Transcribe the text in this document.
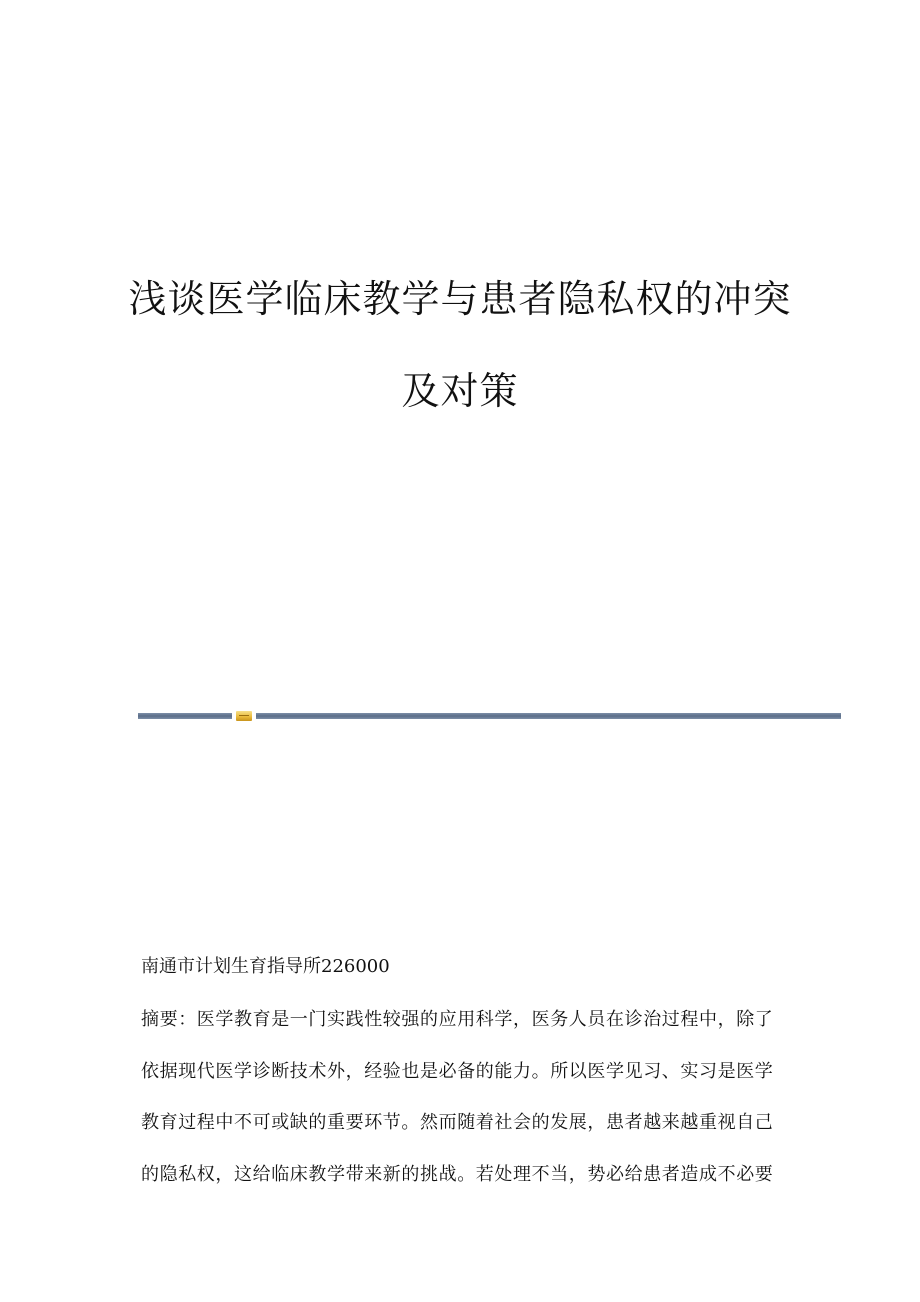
浅谈医学临床教学与患者隐私权的冲突
及对策
南通市计划生育指导所226000
摘要：医学教育是一门实践性较强的应用科学，医务人员在诊治过程中，除了
依据现代医学诊断技术外，经验也是必备的能力。所以医学见习、实习是医学
教育过程中不可或缺的重要环节。然而随着社会的发展，患者越来越重视自己
的隐私权，这给临床教学带来新的挑战。若处理不当，势必给患者造成不必要
